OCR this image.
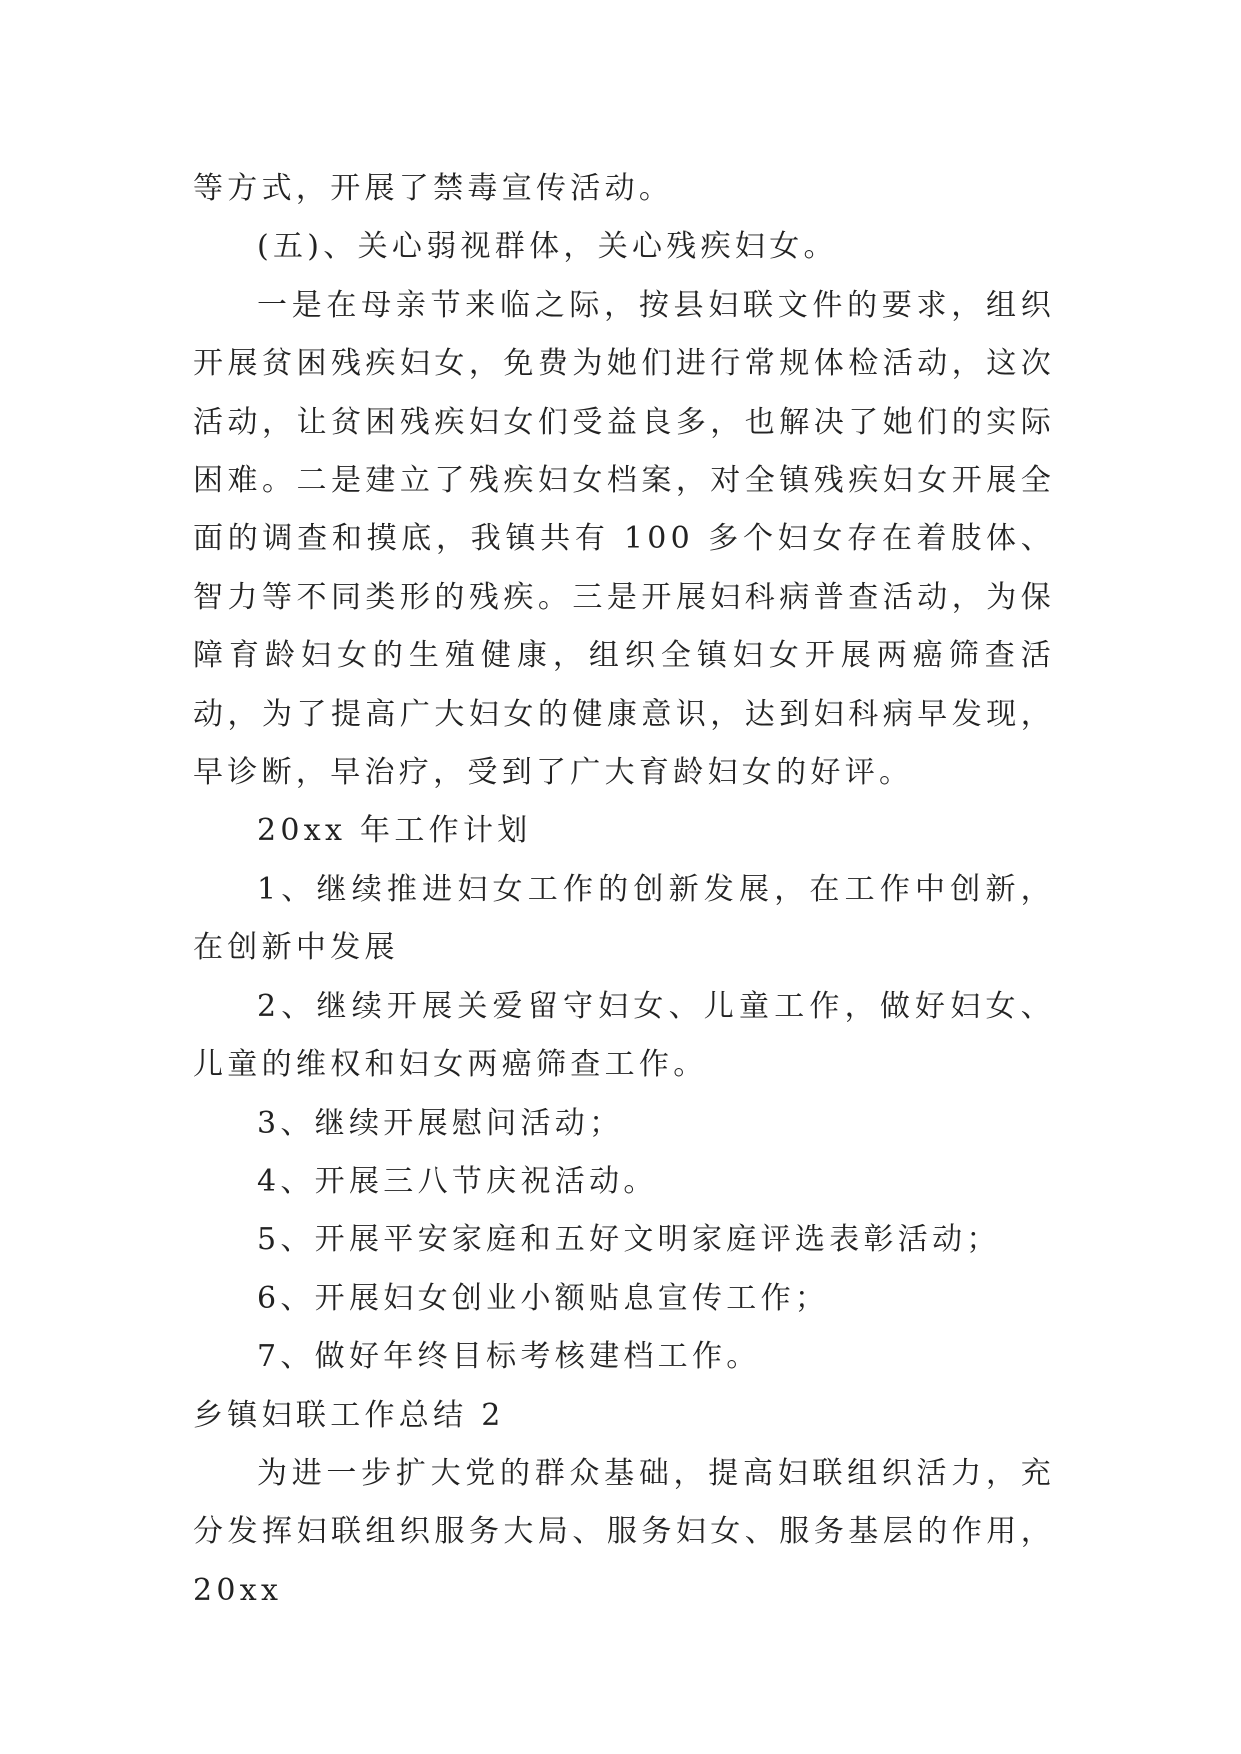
等方式，开展了禁毒宣传活动。

(五)、关心弱视群体，关心残疾妇女。

一是在母亲节来临之际，按县妇联文件的要求，组织开展贫困残疾妇女，免费为她们进行常规体检活动，这次活动，让贫困残疾妇女们受益良多，也解决了她们的实际困难。二是建立了残疾妇女档案，对全镇残疾妇女开展全面的调查和摸底，我镇共有 100 多个妇女存在着肢体、智力等不同类形的残疾。三是开展妇科病普查活动，为保障育龄妇女的生殖健康，组织全镇妇女开展两癌筛查活动，为了提高广大妇女的健康意识，达到妇科病早发现，早诊断，早治疗，受到了广大育龄妇女的好评。

20xx 年工作计划

1、继续推进妇女工作的创新发展，在工作中创新，在创新中发展

2、继续开展关爱留守妇女、儿童工作，做好妇女、儿童的维权和妇女两癌筛查工作。

3、继续开展慰问活动；

4、开展三八节庆祝活动。

5、开展平安家庭和五好文明家庭评选表彰活动；

6、开展妇女创业小额贴息宣传工作；

7、做好年终目标考核建档工作。

乡镇妇联工作总结 2

为进一步扩大党的群众基础，提高妇联组织活力，充分发挥妇联组织服务大局、服务妇女、服务基层的作用，20xx
